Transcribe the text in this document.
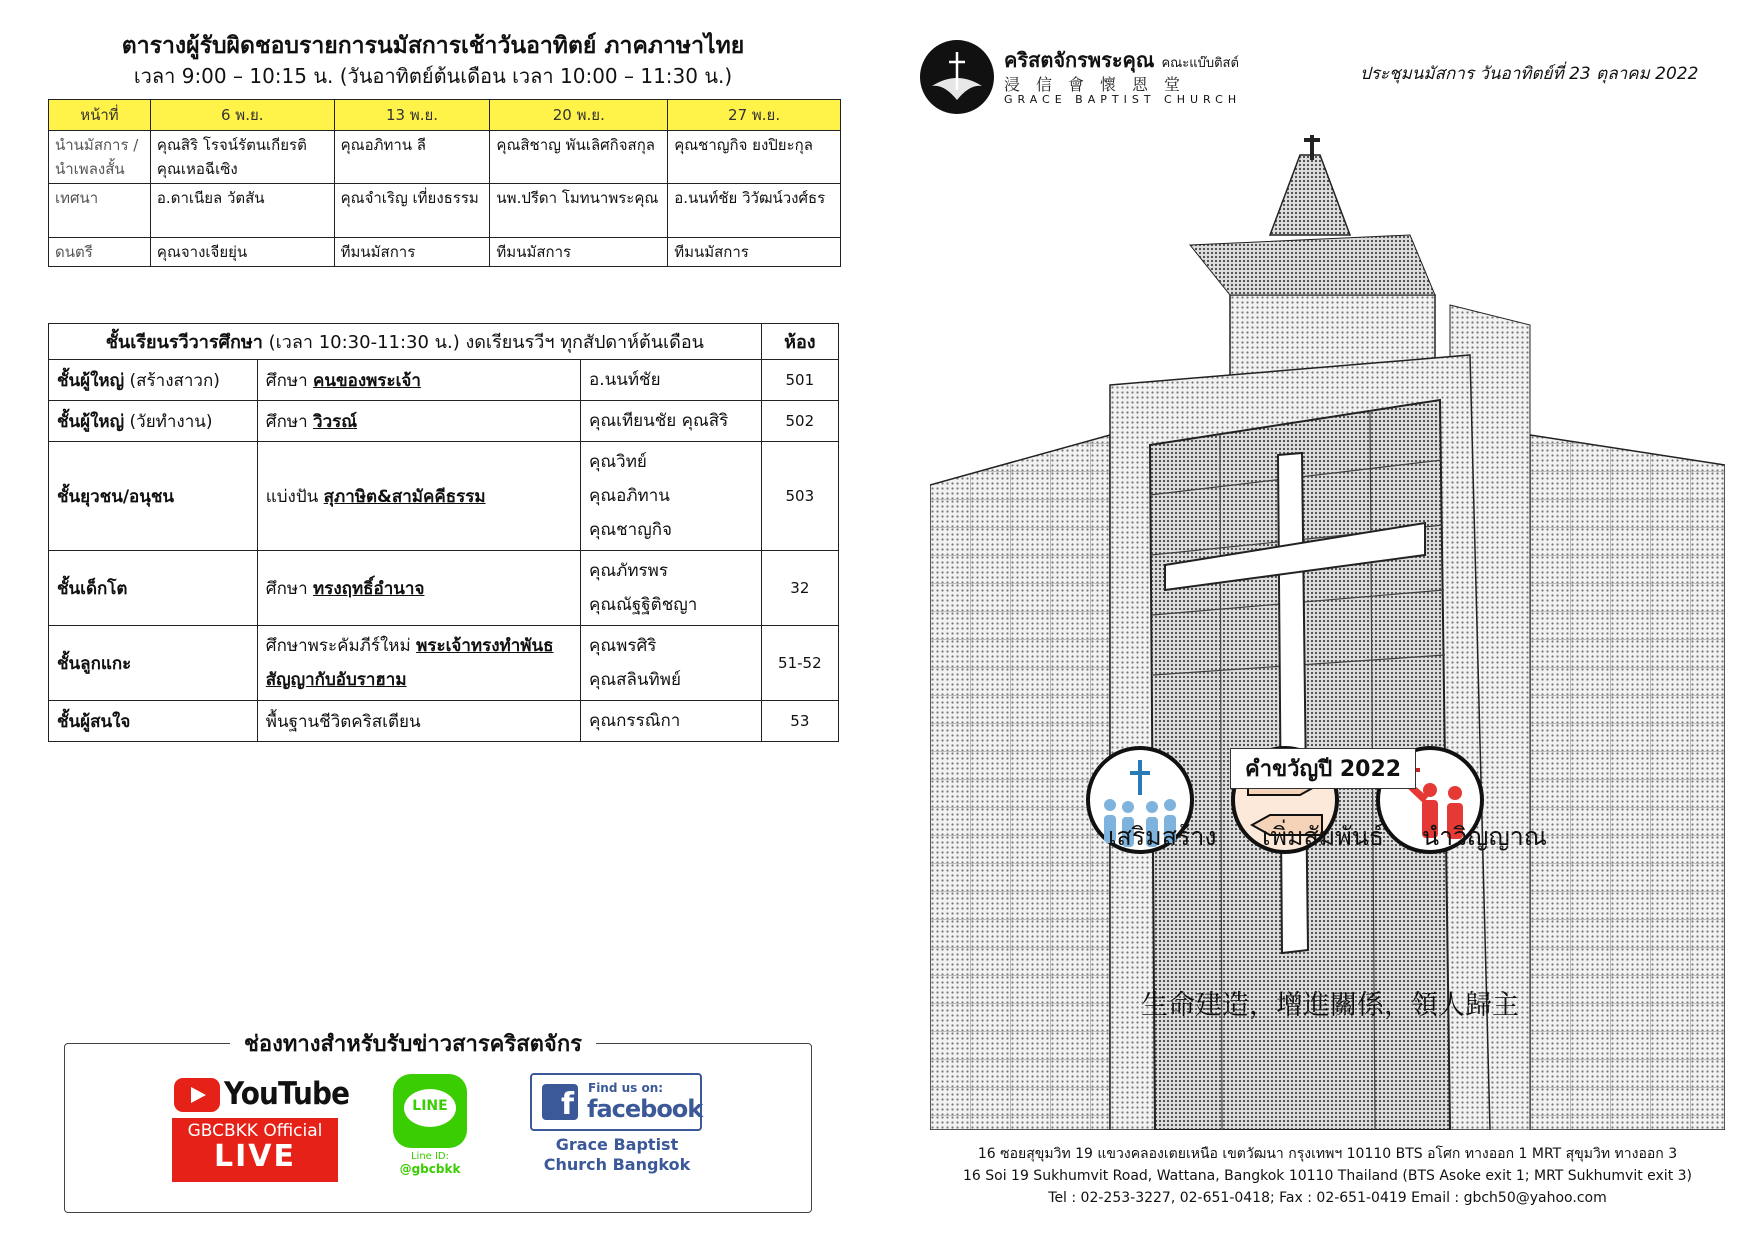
ตารางผู้รับผิดชอบรายการนมัสการเช้าวันอาทิตย์ ภาคภาษาไทย
เวลา 9:00 – 10:15 น. (วันอาทิตย์ต้นเดือน เวลา 10:00 – 11:30 น.)
หน้าที่	6 พ.ย.	13 พ.ย.	20 พ.ย.	27 พ.ย.
นำนมัสการ /นำเพลงสั้น	คุณสิริ โรจน์รัตนเกียรติ คุณเหอฉีเซิง	คุณอภิทาน ลี	คุณสิชาญ พันเลิศกิจสกุล	คุณชาญกิจ ยงปิยะกุล
เทศนา	อ.ดาเนียล วัตสัน	คุณจำเริญ เที่ยงธรรม	นพ.ปรีดา โมทนาพระคุณ	อ.นนท์ชัย วิวัฒน์วงศ์ธร
ดนตรี	คุณจางเจียยุ่น	ทีมนมัสการ	ทีมนมัสการ	ทีมนมัสการ
ชั้นเรียนรวีวารศึกษา (เวลา 10:30-11:30 น.) งดเรียนรวีฯ ทุกสัปดาห์ต้นเดือน			ห้อง
ชั้นผู้ใหญ่ (สร้างสาวก)	ศึกษา คนของพระเจ้า	อ.นนท์ชัย	501
ชั้นผู้ใหญ่ (วัยทำงาน)	ศึกษา วิวรณ์	คุณเทียนชัย คุณสิริ	502
ชั้นยุวชน/อนุชน	แบ่งปัน สุภาษิต&สามัคคีธรรม	คุณวิทย์
คุณอภิทาน
คุณชาญกิจ	503
ชั้นเด็กโต	ศึกษา ทรงฤทธิ์อำนาจ	คุณภัทรพร
คุณณัฐฐิติชญา	32
ชั้นลูกแกะ	ศึกษาพระคัมภีร์ใหม่ พระเจ้าทรงทำพันธสัญญากับอับราฮาม	คุณพรศิริ
คุณสลินทิพย์	51-52
ชั้นผู้สนใจ	พื้นฐานชีวิตคริสเตียน	คุณกรรณิกา	53
ช่องทางสำหรับรับข่าวสารคริสตจักร
YouTube
GBCBKK Official
LIVE
LINE
Line ID:
@gbcbkk
f	Find us on:
facebook
Grace Baptist
Church Bangkok
คริสตจักรพระคุณ คณะแบ๊บติสต์
浸信會懷恩堂
GRACE BAPTIST CHURCH
ประชุมนมัสการ วันอาทิตย์ที่ 23 ตุลาคม 2022
คำขวัญปี 2022
เสริมสร้าง เพิ่มสัมพันธ์ นำวิญญาณ
生命建造，增進關係，領人歸主
16 ซอยสุขุมวิท 19 แขวงคลองเตยเหนือ เขตวัฒนา กรุงเทพฯ 10110 BTS อโศก ทางออก 1 MRT สุขุมวิท ทางออก 3
16 Soi 19 Sukhumvit Road, Wattana, Bangkok 10110 Thailand (BTS Asoke exit 1; MRT Sukhumvit exit 3)
Tel : 02-253-3227, 02-651-0418; Fax : 02-651-0419 Email : gbch50@yahoo.com
